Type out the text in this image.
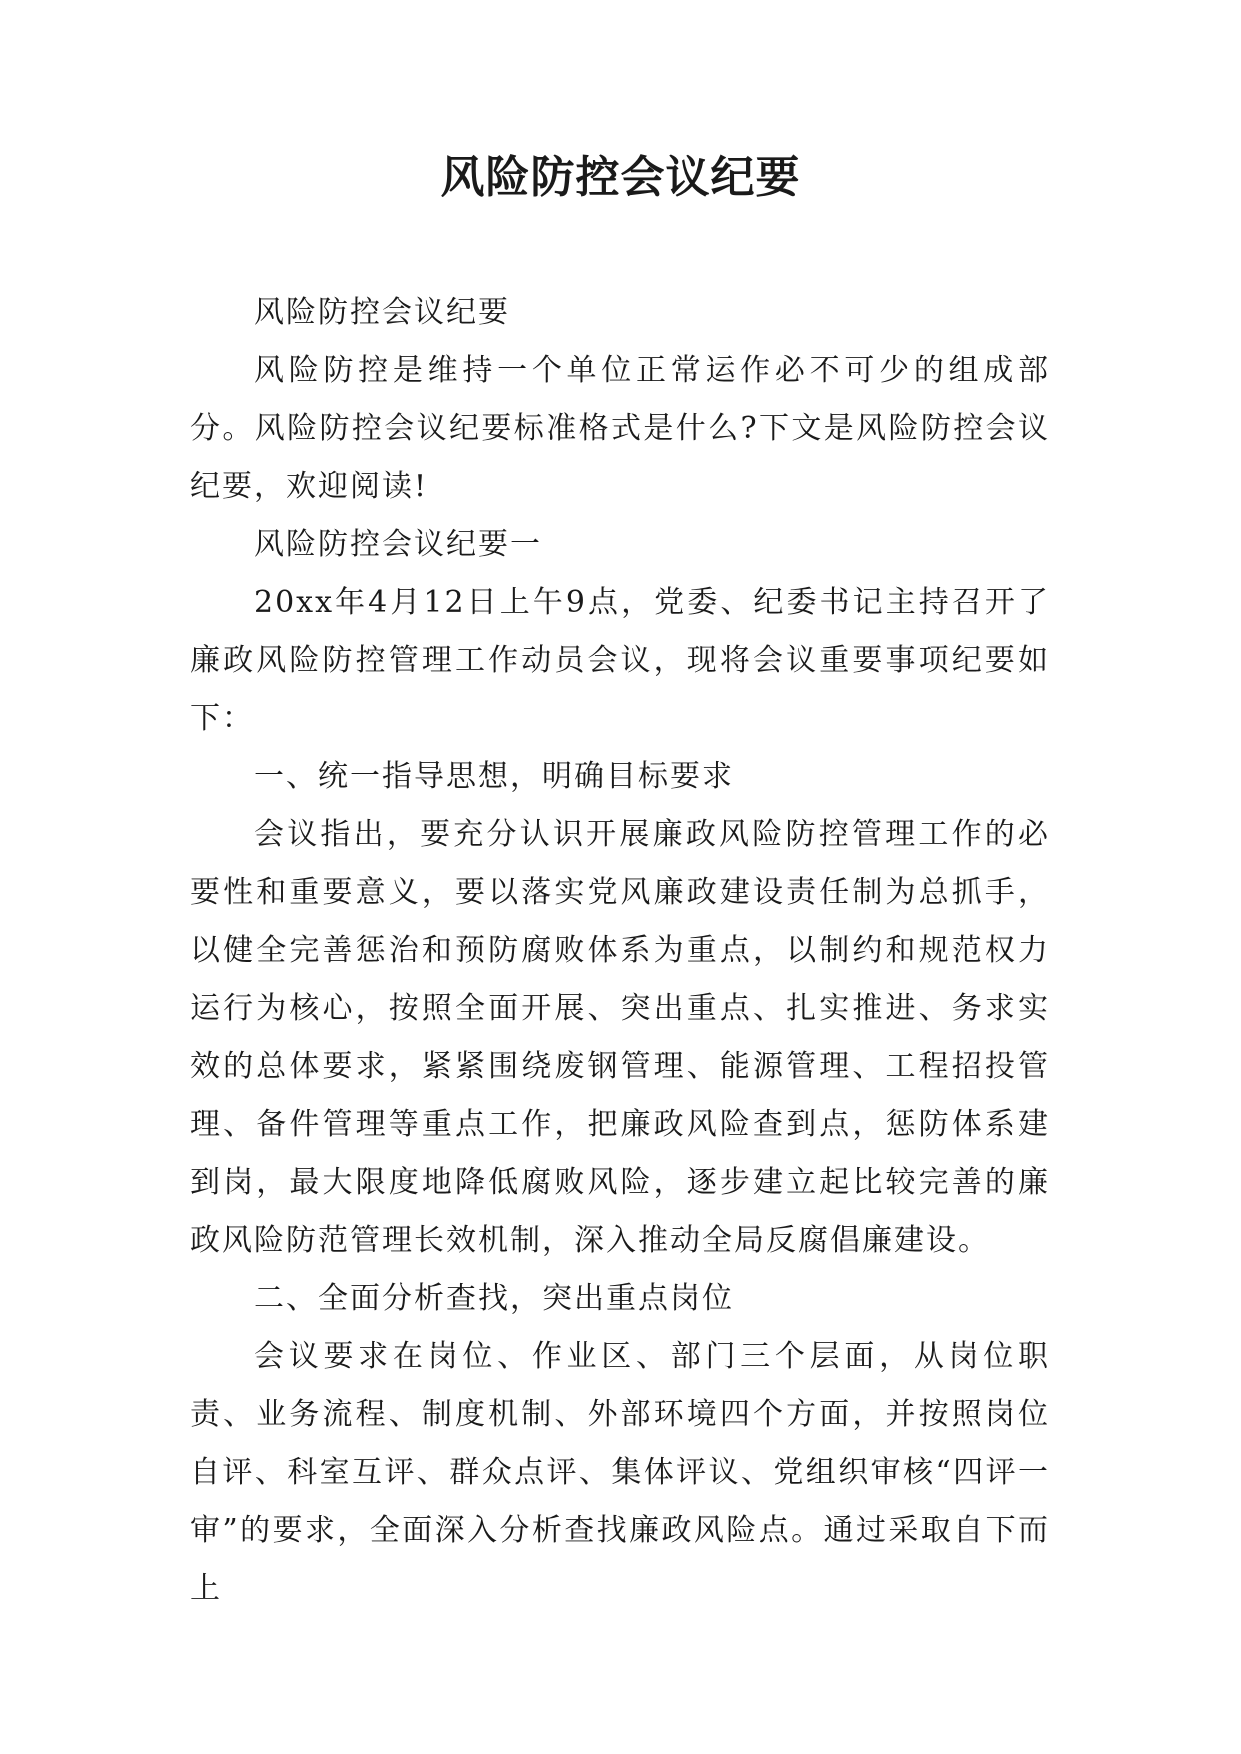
风险防控会议纪要

风险防控会议纪要

风险防控是维持一个单位正常运作必不可少的组成部分。风险防控会议纪要标准格式是什么?下文是风险防控会议纪要，欢迎阅读!

风险防控会议纪要一

20xx年4月12日上午9点，党委、纪委书记主持召开了廉政风险防控管理工作动员会议，现将会议重要事项纪要如下：

一、统一指导思想，明确目标要求

会议指出，要充分认识开展廉政风险防控管理工作的必要性和重要意义，要以落实党风廉政建设责任制为总抓手，以健全完善惩治和预防腐败体系为重点，以制约和规范权力运行为核心，按照全面开展、突出重点、扎实推进、务求实效的总体要求，紧紧围绕废钢管理、能源管理、工程招投管理、备件管理等重点工作，把廉政风险查到点，惩防体系建到岗，最大限度地降低腐败风险，逐步建立起比较完善的廉政风险防范管理长效机制，深入推动全局反腐倡廉建设。

二、全面分析查找，突出重点岗位

会议要求在岗位、作业区、部门三个层面，从岗位职责、业务流程、制度机制、外部环境四个方面，并按照岗位自评、科室互评、群众点评、集体评议、党组织审核“四评一审”的要求，全面深入分析查找廉政风险点。通过采取自下而上
